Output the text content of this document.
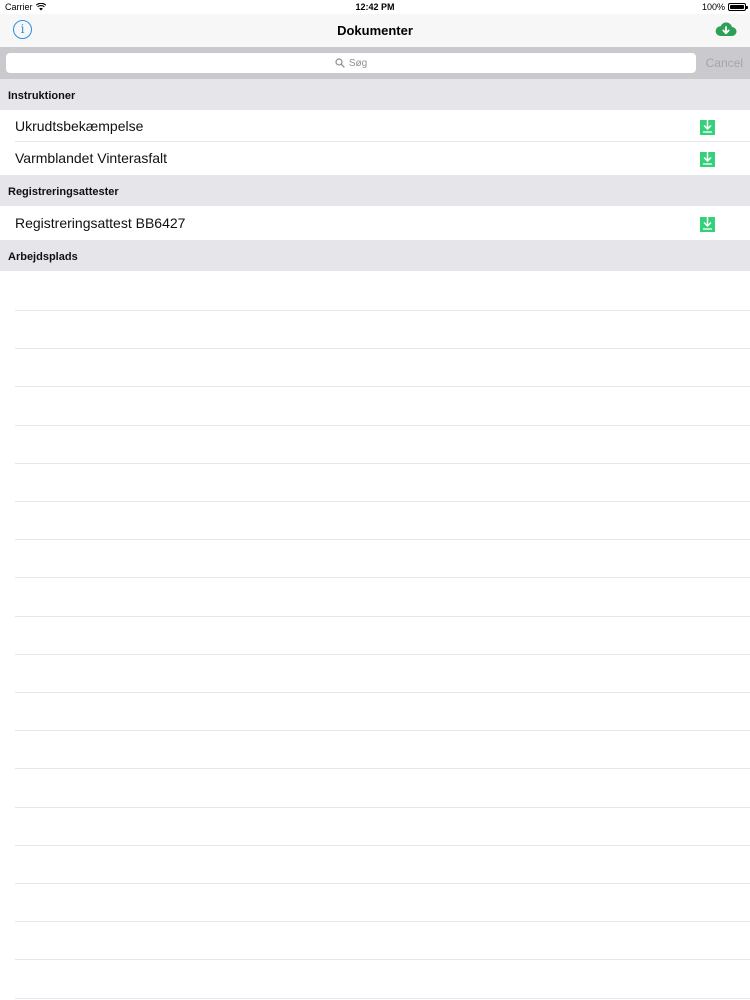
Carrier	12:42 PM	100%
i	Dokumenter
Søg	Cancel
Instruktioner
Ukrudtsbekæmpelse
Varmblandet Vinterasfalt
Registreringsattester
Registreringsattest BB6427
Arbejdsplads
